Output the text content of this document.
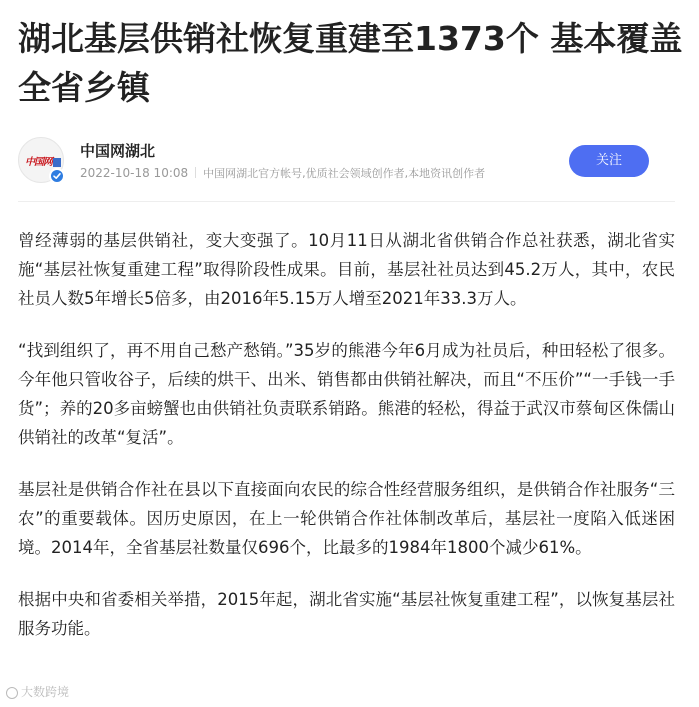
湖北基层供销社恢复重建至1373个 基本覆盖全省乡镇
中国网
中国网湖北
2022-10-18 10:08 中国网湖北官方帐号,优质社会领域创作者,本地资讯创作者
关注

曾经薄弱的基层供销社，变大变强了。10月11日从湖北省供销合作总社获悉，湖北省实施“基层社恢复重建工程”取得阶段性成果。目前，基层社社员达到45.2万人，其中，农民社员人数5年增长5倍多，由2016年5.15万人增至2021年33.3万人。

“找到组织了，再不用自己愁产愁销。”35岁的熊港今年6月成为社员后，种田轻松了很多。今年他只管收谷子，后续的烘干、出米、销售都由供销社解决，而且“不压价”“一手钱一手货”；养的20多亩螃蟹也由供销社负责联系销路。熊港的轻松，得益于武汉市蔡甸区侏儒山供销社的改革“复活”。

基层社是供销合作社在县以下直接面向农民的综合性经营服务组织，是供销合作社服务“三农”的重要载体。因历史原因，在上一轮供销合作社体制改革后，基层社一度陷入低迷困境。2014年，全省基层社数量仅696个，比最多的1984年1800个减少61%。

根据中央和省委相关举措，2015年起，湖北省实施“基层社恢复重建工程”，以恢复基层社服务功能。

大数跨境
